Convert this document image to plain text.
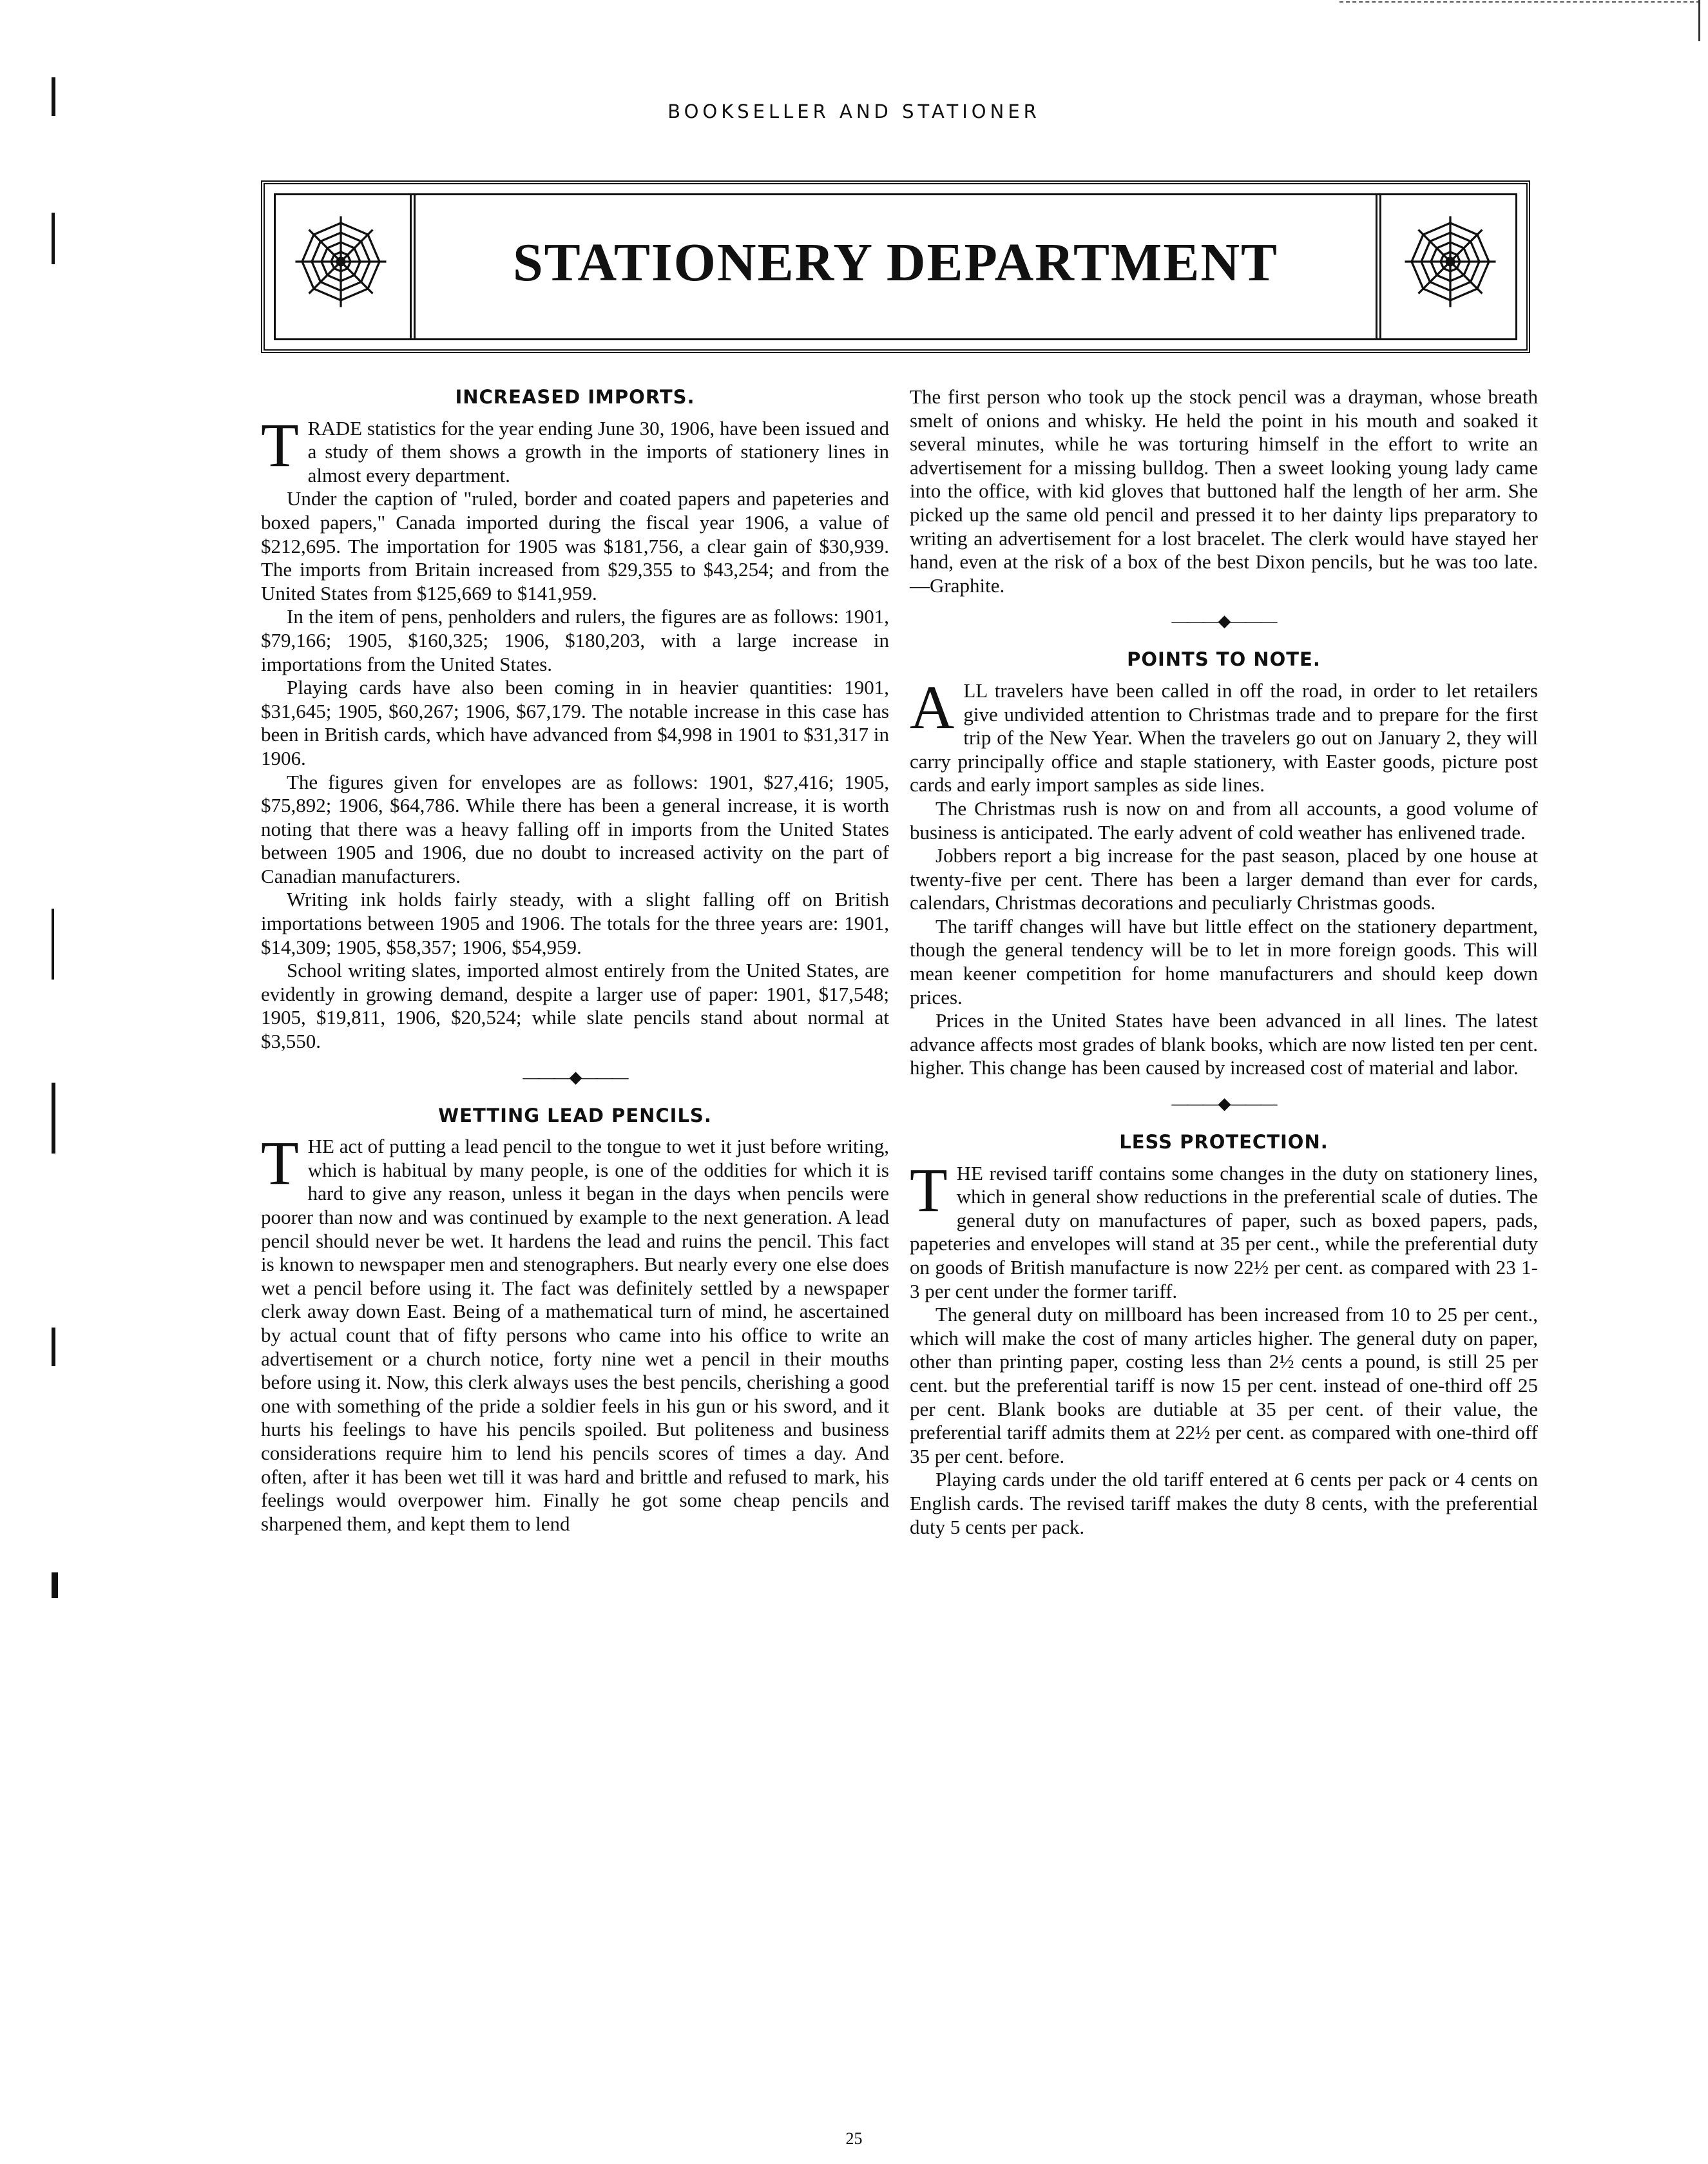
BOOKSELLER AND STATIONER
STATIONERY DEPARTMENT
INCREASED IMPORTS.

TRADE statistics for the year ending June 30, 1906, have been issued and a study of them shows a growth in the imports of stationery lines in almost every department.

Under the caption of "ruled, border and coated papers and papeteries and boxed papers," Canada imported during the fiscal year 1906, a value of $212,695. The importation for 1905 was $181,756, a clear gain of $30,939. The imports from Britain increased from $29,355 to $43,254; and from the United States from $125,669 to $141,959.

In the item of pens, penholders and rulers, the figures are as follows: 1901, $79,166; 1905, $160,325; 1906, $180,203, with a large increase in importations from the United States.

Playing cards have also been coming in in heavier quantities: 1901, $31,645; 1905, $60,267; 1906, $67,179. The notable increase in this case has been in British cards, which have advanced from $4,998 in 1901 to $31,317 in 1906.

The figures given for envelopes are as follows: 1901, $27,416; 1905, $75,892; 1906, $64,786. While there has been a general increase, it is worth noting that there was a heavy falling off in imports from the United States between 1905 and 1906, due no doubt to increased activity on the part of Canadian manufacturers.

Writing ink holds fairly steady, with a slight falling off on British importations between 1905 and 1906. The totals for the three years are: 1901, $14,309; 1905, $58,357; 1906, $54,959.

School writing slates, imported almost entirely from the United States, are evidently in growing demand, despite a larger use of paper: 1901, $17,548; 1905, $19,811, 1906, $20,524; while slate pencils stand about normal at $3,550.

———◆———
WETTING LEAD PENCILS.

THE act of putting a lead pencil to the tongue to wet it just before writing, which is habitual by many people, is one of the oddities for which it is hard to give any reason, unless it began in the days when pencils were poorer than now and was continued by example to the next generation. A lead pencil should never be wet. It hardens the lead and ruins the pencil. This fact is known to newspaper men and stenographers. But nearly every one else does wet a pencil before using it. The fact was definitely settled by a newspaper clerk away down East. Being of a mathematical turn of mind, he ascertained by actual count that of fifty persons who came into his office to write an advertisement or a church notice, forty nine wet a pencil in their mouths before using it. Now, this clerk always uses the best pencils, cherishing a good one with something of the pride a soldier feels in his gun or his sword, and it hurts his feelings to have his pencils spoiled. But politeness and business considerations require him to lend his pencils scores of times a day. And often, after it has been wet till it was hard and brittle and refused to mark, his feelings would overpower him. Finally he got some cheap pencils and sharpened them, and kept them to lend

The first person who took up the stock pencil was a drayman, whose breath smelt of onions and whisky. He held the point in his mouth and soaked it several minutes, while he was torturing himself in the effort to write an advertisement for a missing bulldog. Then a sweet looking young lady came into the office, with kid gloves that buttoned half the length of her arm. She picked up the same old pencil and pressed it to her dainty lips preparatory to writing an advertisement for a lost bracelet. The clerk would have stayed her hand, even at the risk of a box of the best Dixon pencils, but he was too late.—Graphite.

———◆———
POINTS TO NOTE.

ALL travelers have been called in off the road, in order to let retailers give undivided attention to Christmas trade and to prepare for the first trip of the New Year. When the travelers go out on January 2, they will carry principally office and staple stationery, with Easter goods, picture post cards and early import samples as side lines.

The Christmas rush is now on and from all accounts, a good volume of business is anticipated. The early advent of cold weather has enlivened trade.

Jobbers report a big increase for the past season, placed by one house at twenty-five per cent. There has been a larger demand than ever for cards, calendars, Christmas decorations and peculiarly Christmas goods.

The tariff changes will have but little effect on the stationery department, though the general tendency will be to let in more foreign goods. This will mean keener competition for home manufacturers and should keep down prices.

Prices in the United States have been advanced in all lines. The latest advance affects most grades of blank books, which are now listed ten per cent. higher. This change has been caused by increased cost of material and labor.

———◆———
LESS PROTECTION.

THE revised tariff contains some changes in the duty on stationery lines, which in general show reductions in the preferential scale of duties. The general duty on manufactures of paper, such as boxed papers, pads, papeteries and envelopes will stand at 35 per cent., while the preferential duty on goods of British manufacture is now 22½ per cent. as compared with 23 1-3 per cent under the former tariff.

The general duty on millboard has been increased from 10 to 25 per cent., which will make the cost of many articles higher. The general duty on paper, other than printing paper, costing less than 2½ cents a pound, is still 25 per cent. but the preferential tariff is now 15 per cent. instead of one-third off 25 per cent. Blank books are dutiable at 35 per cent. of their value, the preferential tariff admits them at 22½ per cent. as compared with one-third off 35 per cent. before.

Playing cards under the old tariff entered at 6 cents per pack or 4 cents on English cards. The revised tariff makes the duty 8 cents, with the preferential duty 5 cents per pack.

25
